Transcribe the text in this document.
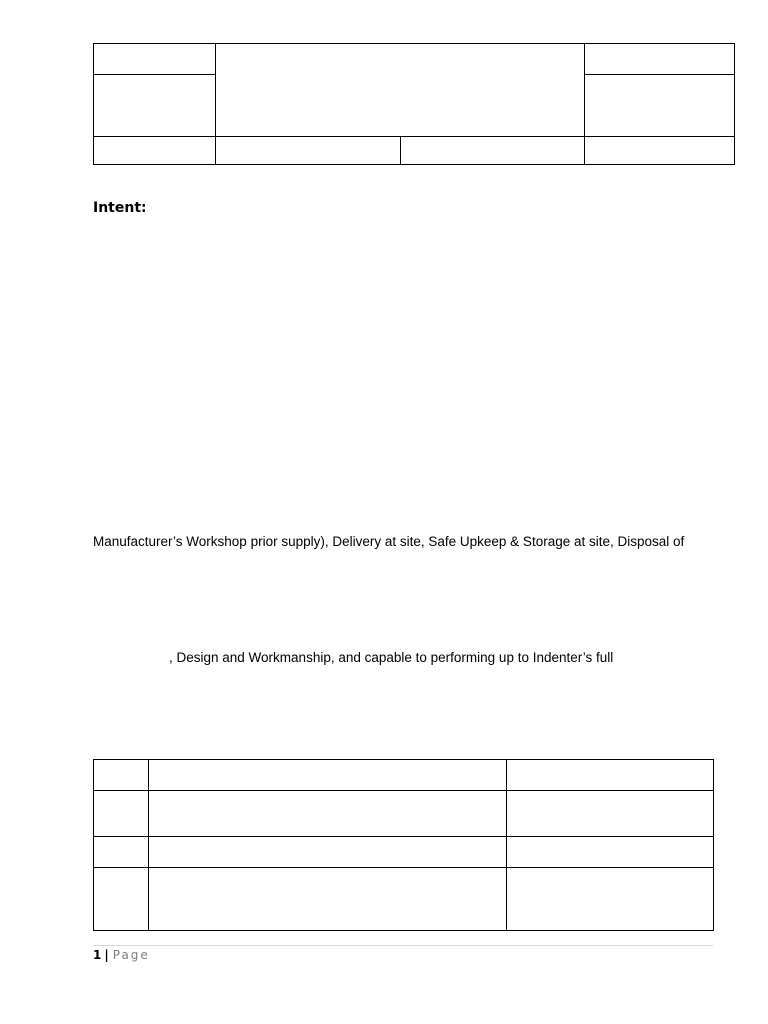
Intent:

Manufacturer’s Workshop prior supply), Delivery at site, Safe Upkeep & Storage at site, Disposal of

, Design and Workmanship, and capable to performing up to Indenter’s full

1 | Page
